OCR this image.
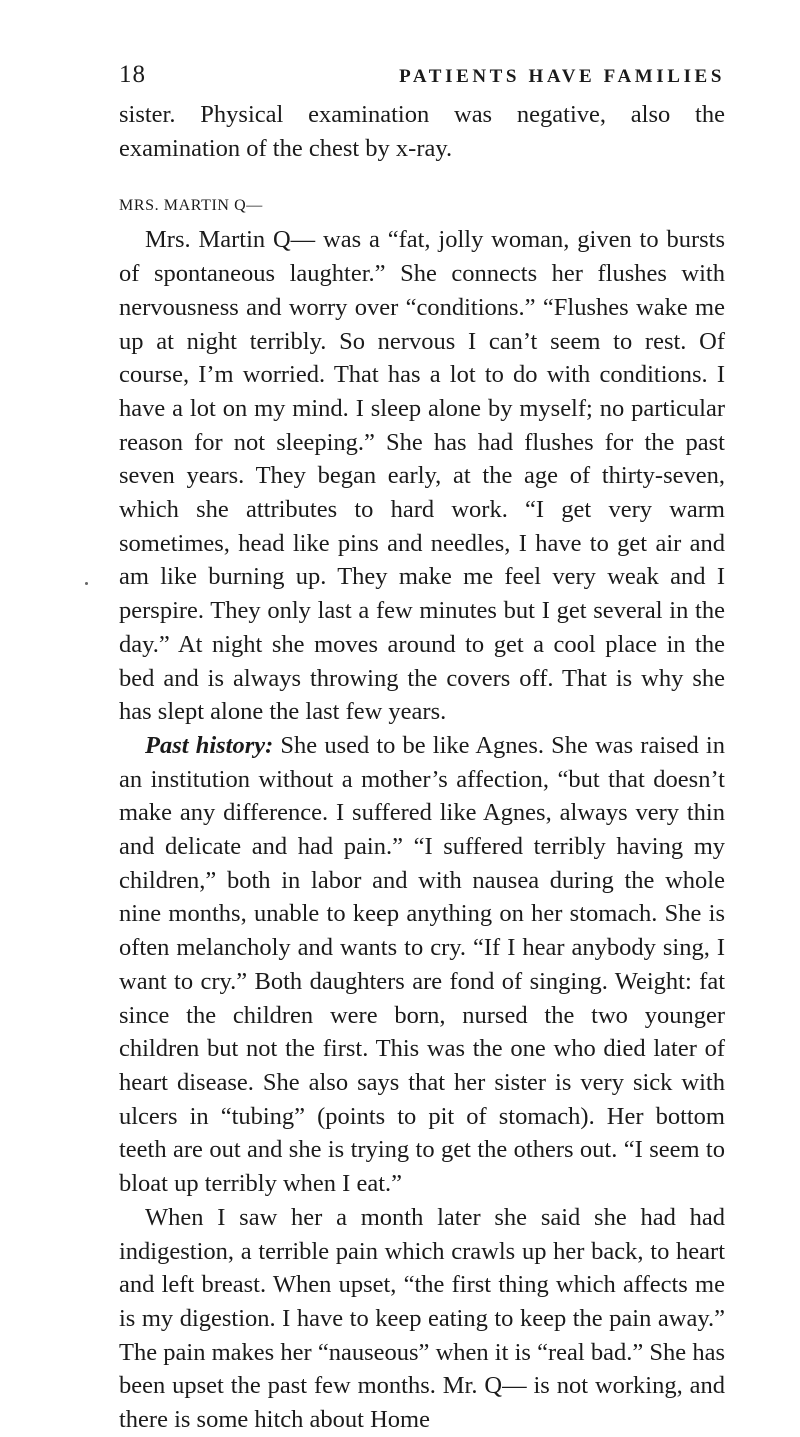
18	PATIENTS HAVE FAMILIES

sister. Physical examination was negative, also the examination of the chest by x-ray.

MRS. MARTIN Q—

Mrs. Martin Q— was a “fat, jolly woman, given to bursts of spontaneous laughter.” She connects her flushes with nervousness and worry over “conditions.” “Flushes wake me up at night terribly. So nervous I can’t seem to rest. Of course, I’m worried. That has a lot to do with conditions. I have a lot on my mind. I sleep alone by myself; no particular reason for not sleeping.” She has had flushes for the past seven years. They began early, at the age of thirty-seven, which she attributes to hard work. “I get very warm sometimes, head like pins and needles, I have to get air and am like burning up. They make me feel very weak and I perspire. They only last a few minutes but I get several in the day.” At night she moves around to get a cool place in the bed and is always throwing the covers off. That is why she has slept alone the last few years.

Past history: She used to be like Agnes. She was raised in an institution without a mother’s affection, “but that doesn’t make any difference. I suffered like Agnes, always very thin and delicate and had pain.” “I suffered terribly having my children,” both in labor and with nausea during the whole nine months, unable to keep anything on her stomach. She is often melancholy and wants to cry. “If I hear anybody sing, I want to cry.” Both daughters are fond of singing. Weight: fat since the children were born, nursed the two younger children but not the first. This was the one who died later of heart disease. She also says that her sister is very sick with ulcers in “tubing” (points to pit of stomach). Her bottom teeth are out and she is trying to get the others out. “I seem to bloat up terribly when I eat.”

When I saw her a month later she said she had had indigestion, a terrible pain which crawls up her back, to heart and left breast. When upset, “the first thing which affects me is my digestion. I have to keep eating to keep the pain away.” The pain makes her “nauseous” when it is “real bad.” She has been upset the past few months. Mr. Q— is not working, and there is some hitch about Home
